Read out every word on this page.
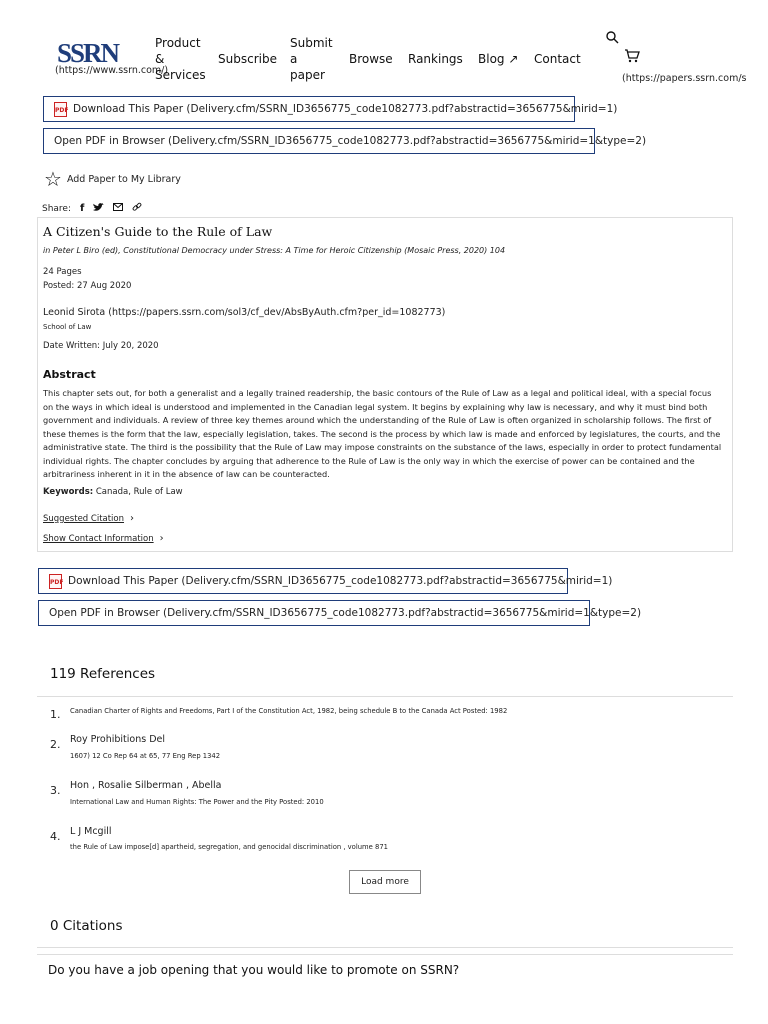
SSRN
(https://www.ssrn.com/)
Product
&
Services
Subscribe
Submit
a
paper
Browse Rankings Blog ↗ Contact
(https://papers.ssrn.com/s
PDF Download This Paper (Delivery.cfm/SSRN_ID3656775_code1082773.pdf?abstractid=3656775&mirid=1)
Open PDF in Browser (Delivery.cfm/SSRN_ID3656775_code1082773.pdf?abstractid=3656775&mirid=1&type=2)
☆ Add Paper to My Library
Share: f
A Citizen's Guide to the Rule of Law
in Peter L Biro (ed), Constitutional Democracy under Stress: A Time for Heroic Citizenship (Mosaic Press, 2020) 104
24 Pages
Posted: 27 Aug 2020
Leonid Sirota (https://papers.ssrn.com/sol3/cf_dev/AbsByAuth.cfm?per_id=1082773)
School of Law
Date Written: July 20, 2020
Abstract
This chapter sets out, for both a generalist and a legally trained readership, the basic contours of the Rule of Law as a legal and political ideal, with a special focus on the ways in which ideal is understood and implemented in the Canadian legal system. It begins by explaining why law is necessary, and why it must bind both government and individuals. A review of three key themes around which the understanding of the Rule of Law is often organized in scholarship follows. The first of these themes is the form that the law, especially legislation, takes. The second is the process by which law is made and enforced by legislatures, the courts, and the administrative state. The third is the possibility that the Rule of Law may impose constraints on the substance of the laws, especially in order to protect fundamental individual rights. The chapter concludes by arguing that adherence to the Rule of Law is the only way in which the exercise of power can be contained and the arbitrariness inherent in it in the absence of law can be counteracted.
Keywords: Canada, Rule of Law
Suggested Citation ›
Show Contact Information ›
PDF Download This Paper (Delivery.cfm/SSRN_ID3656775_code1082773.pdf?abstractid=3656775&mirid=1)
Open PDF in Browser (Delivery.cfm/SSRN_ID3656775_code1082773.pdf?abstractid=3656775&mirid=1&type=2)
119 References
1. Canadian Charter of Rights and Freedoms, Part I of the Constitution Act, 1982, being schedule B to the Canada Act Posted: 1982
2. Roy Prohibitions Del
1607) 12 Co Rep 64 at 65, 77 Eng Rep 1342
3. Hon , Rosalie Silberman , Abella
International Law and Human Rights: The Power and the Pity Posted: 2010
4. L J Mcgill
the Rule of Law impose[d] apartheid, segregation, and genocidal discrimination , volume 871
Load more
0 Citations
Do you have a job opening that you would like to promote on SSRN?
